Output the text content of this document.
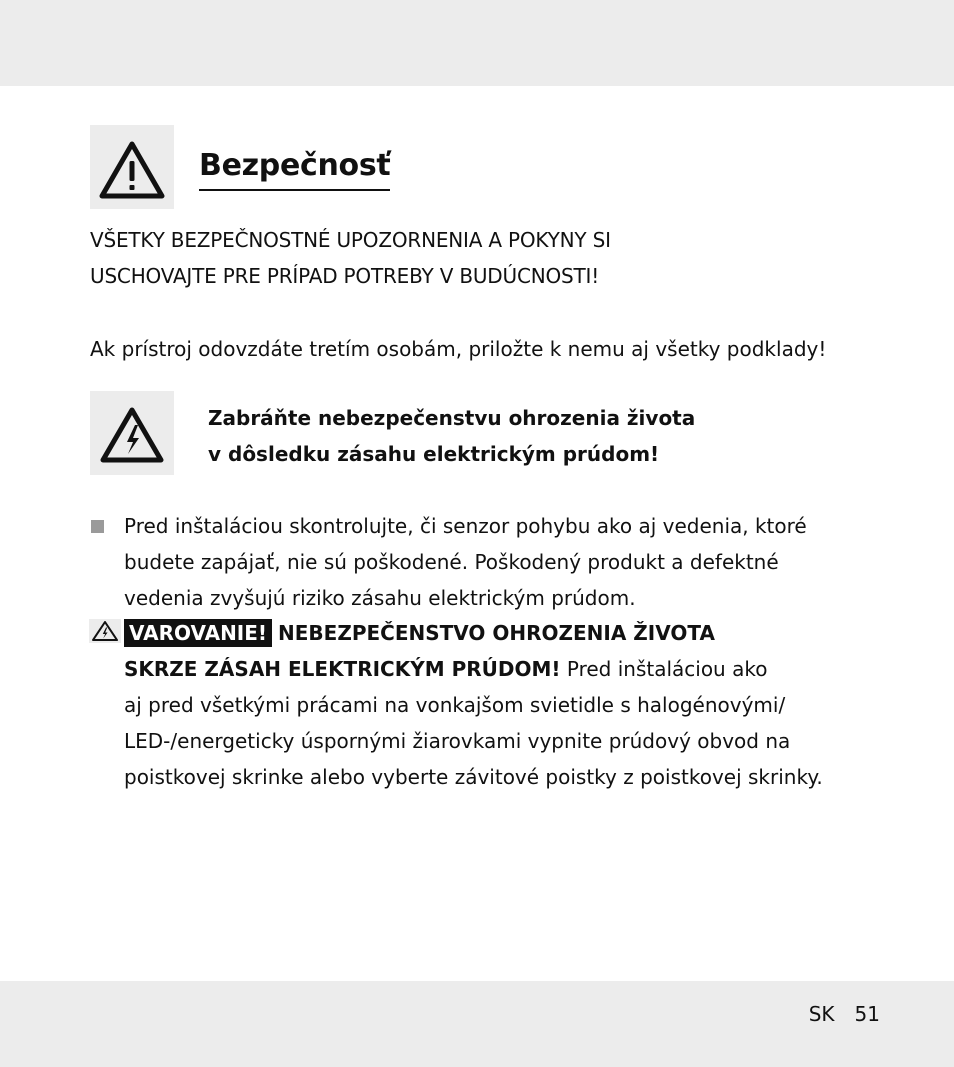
Bezpečnosť
VŠETKY BEZPEČNOSTNÉ UPOZORNENIA A POKYNY SI
USCHOVAJTE PRE PRÍPAD POTREBY V BUDÚCNOSTI!
Ak prístroj odovzdáte tretím osobám, priložte k nemu aj všetky podklady!
Zabráňte nebezpečenstvu ohrozenia života
v dôsledku zásahu elektrickým prúdom!
Pred inštaláciou skontrolujte, či senzor pohybu ako aj vedenia, ktoré
budete zapájať, nie sú poškodené. Poškodený produkt a defektné
vedenia zvyšujú riziko zásahu elektrickým prúdom.
VAROVANIE! NEBEZPEČENSTVO OHROZENIA ŽIVOTA
SKRZE ZÁSAH ELEKTRICKÝM PRÚDOM! Pred inštaláciou ako
aj pred všetkými prácami na vonkajšom svietidle s halogénovými/
LED-/energeticky úspornými žiarovkami vypnite prúdový obvod na
poistkovej skrinke alebo vyberte závitové poistky z poistkovej skrinky.
SK 51
